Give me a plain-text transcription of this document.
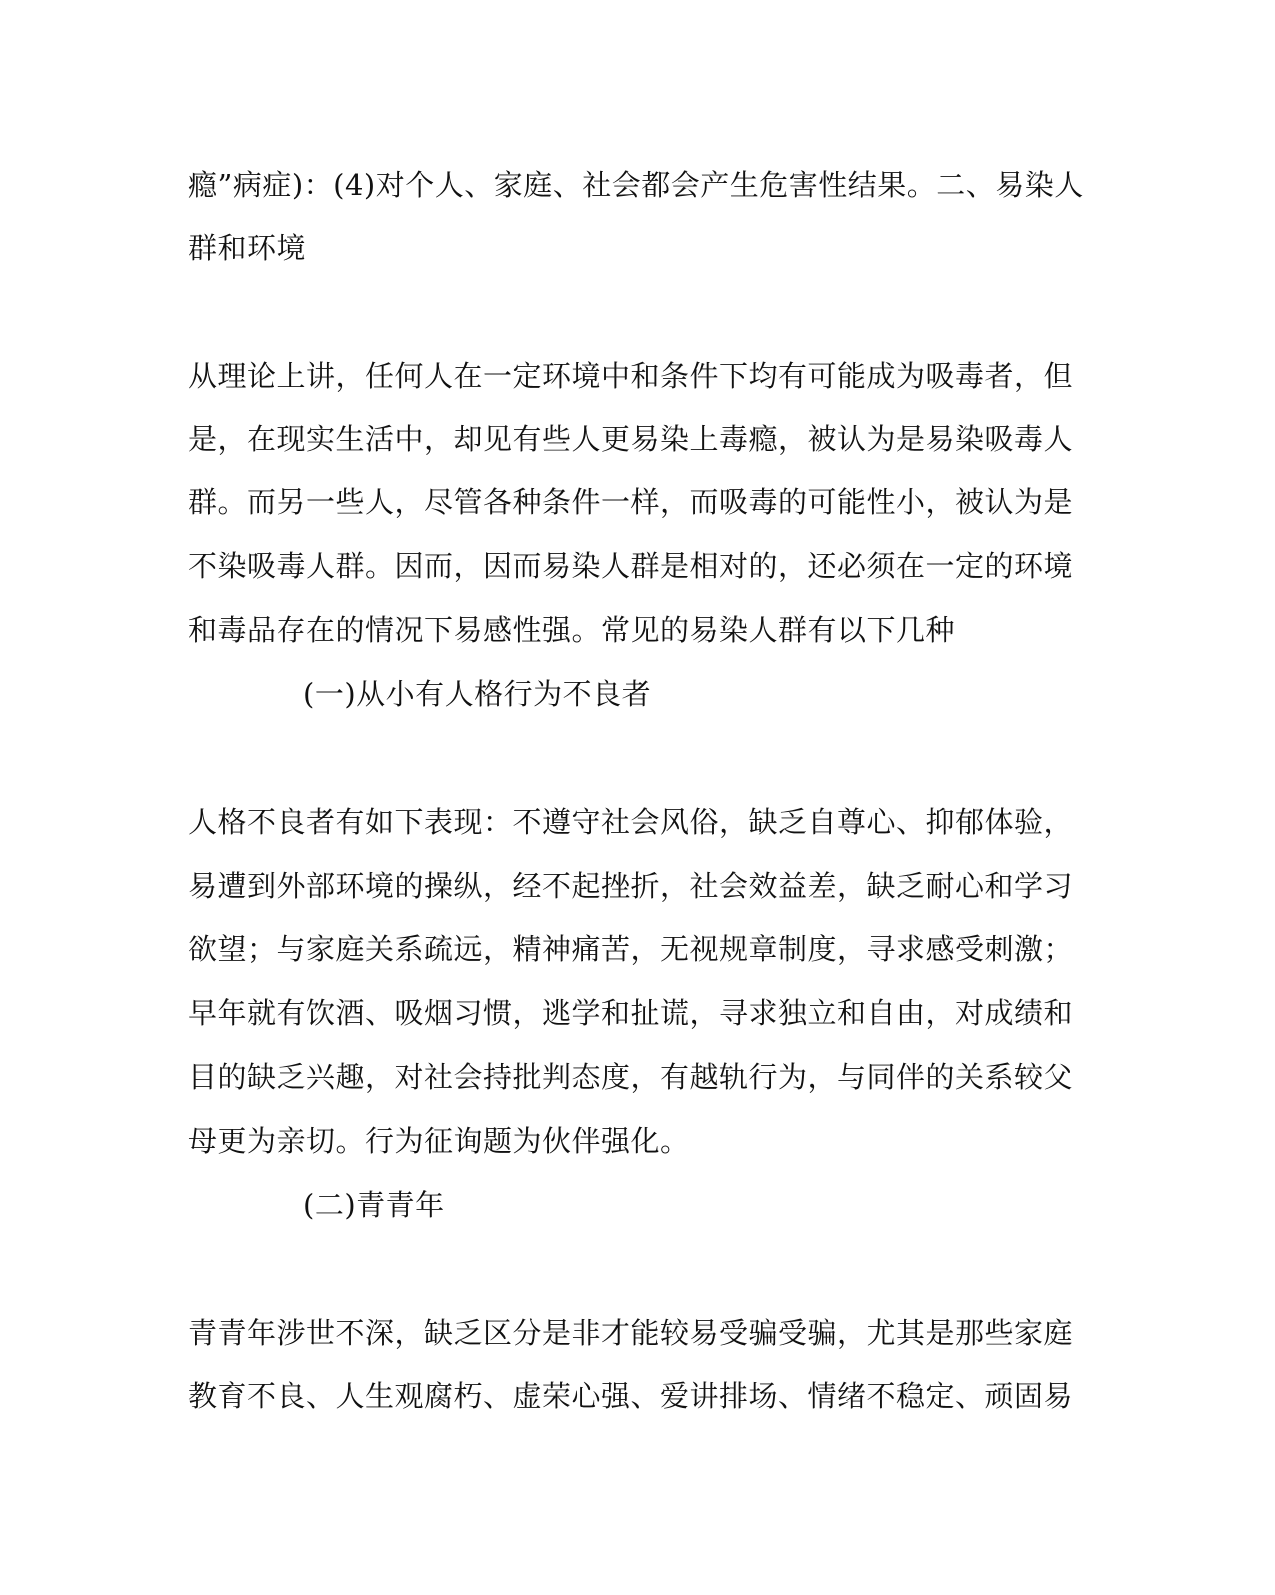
瘾”病症)：(4)对个人、家庭、社会都会产生危害性结果。二、易染人
群和环境
从理论上讲，任何人在一定环境中和条件下均有可能成为吸毒者，但
是，在现实生活中，却见有些人更易染上毒瘾，被认为是易染吸毒人
群。而另一些人，尽管各种条件一样，而吸毒的可能性小，被认为是
不染吸毒人群。因而，因而易染人群是相对的，还必须在一定的环境
和毒品存在的情况下易感性强。常见的易染人群有以下几种
(一)从小有人格行为不良者
人格不良者有如下表现：不遵守社会风俗，缺乏自尊心、抑郁体验，
易遭到外部环境的操纵，经不起挫折，社会效益差，缺乏耐心和学习
欲望；与家庭关系疏远，精神痛苦，无视规章制度，寻求感受刺激；
早年就有饮酒、吸烟习惯，逃学和扯谎，寻求独立和自由，对成绩和
目的缺乏兴趣，对社会持批判态度，有越轨行为，与同伴的关系较父
母更为亲切。行为征询题为伙伴强化。
(二)青青年
青青年涉世不深，缺乏区分是非才能较易受骗受骗，尤其是那些家庭
教育不良、人生观腐朽、虚荣心强、爱讲排场、情绪不稳定、顽固易
